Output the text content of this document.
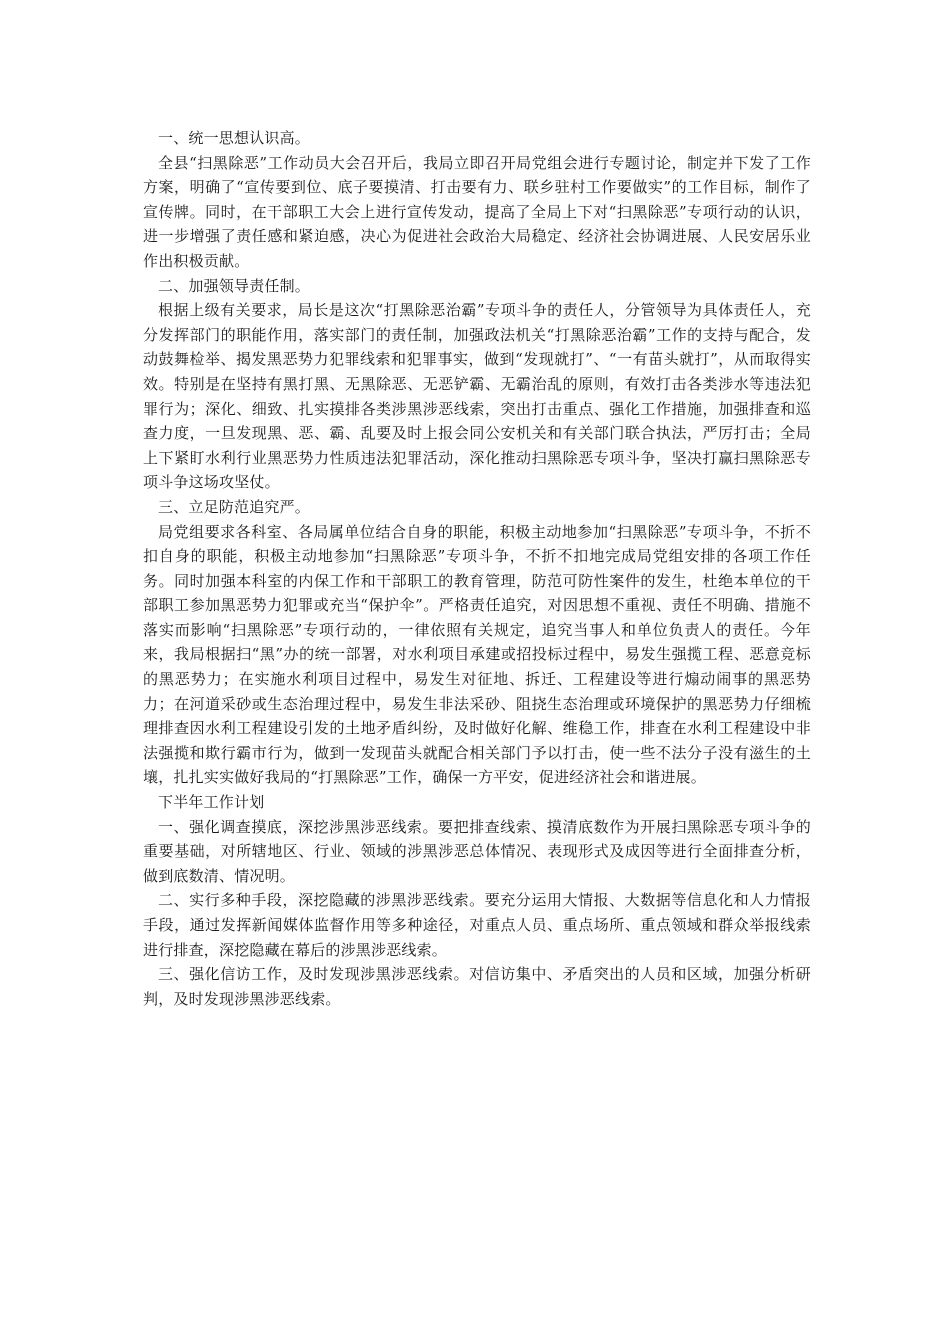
一、统一思想认识高。

全县“扫黑除恶”工作动员大会召开后，我局立即召开局党组会进行专题讨论，制定并下发了工作方案，明确了“宣传要到位、底子要摸清、打击要有力、联乡驻村工作要做实”的工作目标，制作了宣传牌。同时，在干部职工大会上进行宣传发动，提高了全局上下对“扫黑除恶”专项行动的认识，进一步增强了责任感和紧迫感，决心为促进社会政治大局稳定、经济社会协调进展、人民安居乐业作出积极贡献。

二、加强领导责任制。

根据上级有关要求，局长是这次“打黑除恶治霸”专项斗争的责任人，分管领导为具体责任人，充分发挥部门的职能作用，落实部门的责任制，加强政法机关“打黑除恶治霸”工作的支持与配合，发动鼓舞检举、揭发黑恶势力犯罪线索和犯罪事实，做到“发现就打”、“一有苗头就打”，从而取得实效。特别是在坚持有黑打黑、无黑除恶、无恶铲霸、无霸治乱的原则，有效打击各类涉水等违法犯罪行为；深化、细致、扎实摸排各类涉黑涉恶线索，突出打击重点、强化工作措施，加强排查和巡查力度，一旦发现黑、恶、霸、乱要及时上报会同公安机关和有关部门联合执法，严厉打击；全局上下紧盯水利行业黑恶势力性质违法犯罪活动，深化推动扫黑除恶专项斗争，坚决打赢扫黑除恶专项斗争这场攻坚仗。

三、立足防范追究严。

局党组要求各科室、各局属单位结合自身的职能，积极主动地参加“扫黑除恶”专项斗争，不折不扣自身的职能，积极主动地参加“扫黑除恶”专项斗争，不折不扣地完成局党组安排的各项工作任务。同时加强本科室的内保工作和干部职工的教育管理，防范可防性案件的发生，杜绝本单位的干部职工参加黑恶势力犯罪或充当“保护伞”。严格责任追究，对因思想不重视、责任不明确、措施不落实而影响“扫黑除恶”专项行动的，一律依照有关规定，追究当事人和单位负责人的责任。今年来，我局根据扫“黑”办的统一部署，对水利项目承建或招投标过程中，易发生强揽工程、恶意竞标的黑恶势力；在实施水利项目过程中，易发生对征地、拆迁、工程建设等进行煽动闹事的黑恶势力；在河道采砂或生态治理过程中，易发生非法采砂、阻挠生态治理或环境保护的黑恶势力仔细梳理排查因水利工程建设引发的土地矛盾纠纷，及时做好化解、维稳工作，排查在水利工程建设中非法强揽和欺行霸市行为，做到一发现苗头就配合相关部门予以打击，使一些不法分子没有滋生的土壤，扎扎实实做好我局的“打黑除恶”工作，确保一方平安，促进经济社会和谐进展。

下半年工作计划

一、强化调查摸底，深挖涉黑涉恶线索。要把排查线索、摸清底数作为开展扫黑除恶专项斗争的重要基础，对所辖地区、行业、领域的涉黑涉恶总体情况、表现形式及成因等进行全面排查分析，做到底数清、情况明。

二、实行多种手段，深挖隐藏的涉黑涉恶线索。要充分运用大情报、大数据等信息化和人力情报手段，通过发挥新闻媒体监督作用等多种途径，对重点人员、重点场所、重点领域和群众举报线索进行排查，深挖隐藏在幕后的涉黑涉恶线索。

三、强化信访工作，及时发现涉黑涉恶线索。对信访集中、矛盾突出的人员和区域，加强分析研判，及时发现涉黑涉恶线索。
